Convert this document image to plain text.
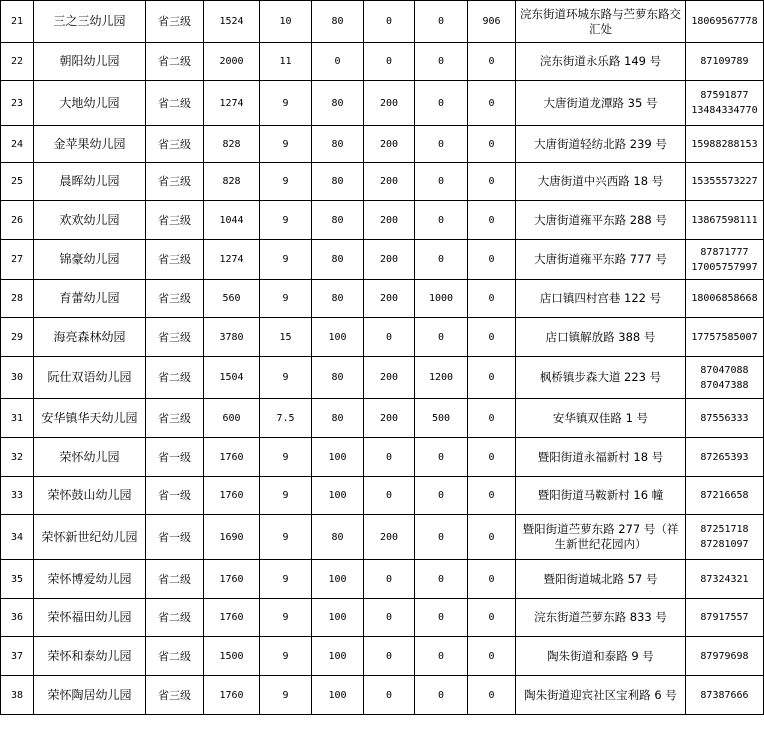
21	三之三幼儿园	省三级	1524	10	80	0	0	906	浣东街道环城东路与苎萝东路交汇处	18069567778
22	朝阳幼儿园	省二级	2000	11	0	0	0	0	浣东街道永乐路 149 号	87109789
23	大地幼儿园	省二级	1274	9	80	200	0	0	大唐街道龙潭路 35 号	87591877 13484334770
24	金苹果幼儿园	省三级	828	9	80	200	0	0	大唐街道轻纺北路 239 号	15988288153
25	晨晖幼儿园	省三级	828	9	80	200	0	0	大唐街道中兴西路 18 号	15355573227
26	欢欢幼儿园	省三级	1044	9	80	200	0	0	大唐街道雍平东路 288 号	13867598111
27	锦豪幼儿园	省三级	1274	9	80	200	0	0	大唐街道雍平东路 777 号	87871777 17005757997
28	育蕾幼儿园	省三级	560	9	80	200	1000	0	店口镇四村宫巷 122 号	18006858668
29	海亮森林幼园	省三级	3780	15	100	0	0	0	店口镇解放路 388 号	17757585007
30	阮仕双语幼儿园	省二级	1504	9	80	200	1200	0	枫桥镇步森大道 223 号	87047088 87047388
31	安华镇华天幼儿园	省三级	600	7.5	80	200	500	0	安华镇双佳路 1 号	87556333
32	荣怀幼儿园	省一级	1760	9	100	0	0	0	暨阳街道永福新村 18 号	87265393
33	荣怀鼓山幼儿园	省一级	1760	9	100	0	0	0	暨阳街道马鞍新村 16 幢	87216658
34	荣怀新世纪幼儿园	省一级	1690	9	80	200	0	0	暨阳街道苎萝东路 277 号（祥生新世纪花园内）	87251718 87281097
35	荣怀博爱幼儿园	省二级	1760	9	100	0	0	0	暨阳街道城北路 57 号	87324321
36	荣怀福田幼儿园	省二级	1760	9	100	0	0	0	浣东街道苎萝东路 833 号	87917557
37	荣怀和泰幼儿园	省二级	1500	9	100	0	0	0	陶朱街道和泰路 9 号	87979698
38	荣怀陶居幼儿园	省三级	1760	9	100	0	0	0	陶朱街道迎宾社区宝利路 6 号	87387666
